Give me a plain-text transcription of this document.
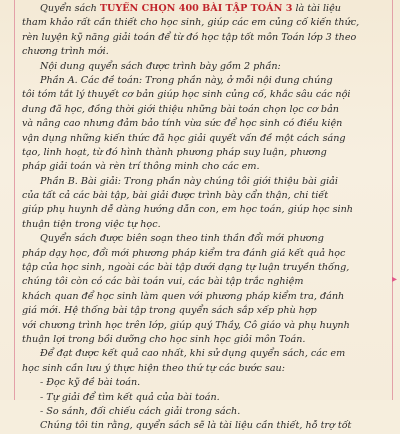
▸
Quyển sách TUYỂN CHỌN 400 BÀI TẬP TOÁN 3 là tài liệu
tham khảo rất cần thiết cho học sinh, giúp các em củng cố kiến thức,
rèn luyện kỹ năng giải toán để từ đó học tập tốt môn Toán lớp 3 theo
chương trình mới.
Nội dung quyển sách được trình bày gồm 2 phần:
Phần A. Các đề toán: Trong phần này, ở mỗi nội dung chúng
tôi tóm tắt lý thuyết cơ bản giúp học sinh củng cố, khắc sâu các nội
dung đã học, đồng thời giới thiệu những bài toán chọn lọc cơ bản
và nâng cao nhưng đảm bảo tính vừa sức để học sinh có điều kiện
vận dụng những kiến thức đã học giải quyết vấn đề một cách sáng
tạo, linh hoạt, từ đó hình thành phương pháp suy luận, phương
pháp giải toán và rèn trí thông minh cho các em.
Phần B. Bài giải: Trong phần này chúng tôi giới thiệu bài giải
của tất cả các bài tập, bài giải được trình bày cẩn thận, chi tiết
giúp phụ huynh dễ dàng hướng dẫn con, em học toán, giúp học sinh
thuận tiện trong việc tự học.
Quyển sách được biên soạn theo tinh thần đổi mới phương
pháp dạy học, đổi mới phương pháp kiểm tra đánh giá kết quả học
tập của học sinh, ngoài các bài tập dưới dạng tự luận truyền thống,
chúng tôi còn có các bài toán vui, các bài tập trắc nghiệm
khách quan để học sinh làm quen với phương pháp kiểm tra, đánh
giá mới. Hệ thống bài tập trong quyển sách sắp xếp phù hợp
với chương trình học trên lớp, giúp quý Thầy, Cô giáo và phụ huynh
thuận lợi trong bồi dưỡng cho học sinh học giỏi môn Toán.
Để đạt được kết quả cao nhất, khi sử dụng quyển sách, các em
học sinh cần lưu ý thực hiện theo thứ tự các bước sau:
- Đọc kỹ đề bài toán.
- Tự giải để tìm kết quả của bài toán.
- So sánh, đối chiếu cách giải trong sách.
Chúng tôi tin rằng, quyển sách sẽ là tài liệu cần thiết, hỗ trợ tốt
